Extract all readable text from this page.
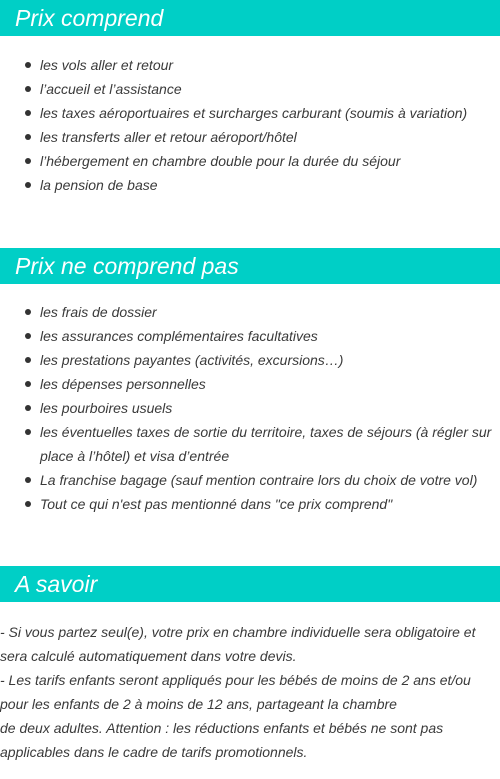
Prix comprend
les vols aller et retour
l’accueil et l’assistance
les taxes aéroportuaires et surcharges carburant (soumis à variation)
les transferts aller et retour aéroport/hôtel
l’hébergement en chambre double pour la durée du séjour
la pension de base
Prix ne comprend pas
les frais de dossier
les assurances complémentaires facultatives
les prestations payantes (activités, excursions…)
les dépenses personnelles
les pourboires usuels
les éventuelles taxes de sortie du territoire, taxes de séjours (à régler sur place à l’hôtel) et visa d’entrée
La franchise bagage (sauf mention contraire lors du choix de votre vol)
Tout ce qui n'est pas mentionné dans "ce prix comprend"
A savoir

- Si vous partez seul(e), votre prix en chambre individuelle sera obligatoire et sera calculé automatiquement dans votre devis.

- Les tarifs enfants seront appliqués pour les bébés de moins de 2 ans et/ou pour les enfants de 2 à moins de 12 ans, partageant la chambre

de deux adultes. Attention : les réductions enfants et bébés ne sont pas applicables dans le cadre de tarifs promotionnels.
